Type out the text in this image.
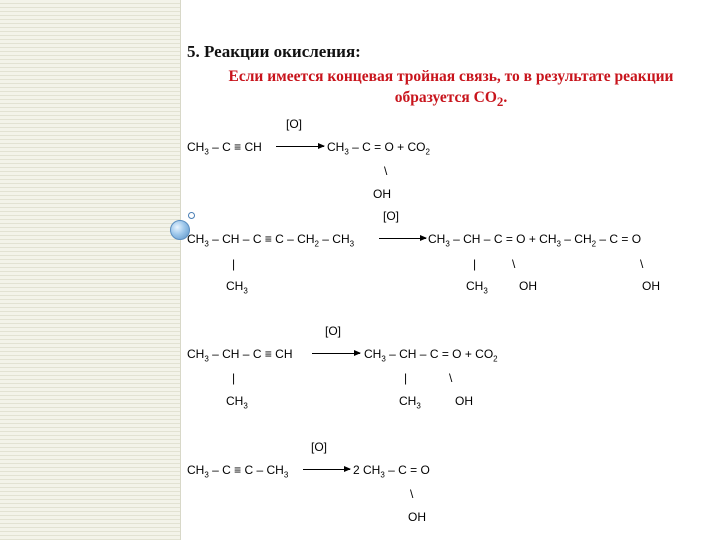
5. Реакции окисления:
Если имеется концевая тройная связь, то в результате реакции образуется $СО_2$.
[O]
$CH_3$ – C ≡ CH → $CH_3 - C = O + CO_2$
\
OH
[O]
$CH_3$ – CH – $C \equiv C - CH_2 - CH_3 \to CH_3$ – CH – $C = O + CH_3 - CH_2 - C = O$
|
$CH_3$
|
$CH_3$
\
OH
\
OH
[O]
$CH_3$ – CH – C ≡ CH → $CH_3$ – CH – $C = O + CO_2$
|
$CH_3$
|
$CH_3$
\
OH
[O]
$CH_3 - C \equiv C - CH_3 \to 2$ $CH_3 - C = O$
\
OH
